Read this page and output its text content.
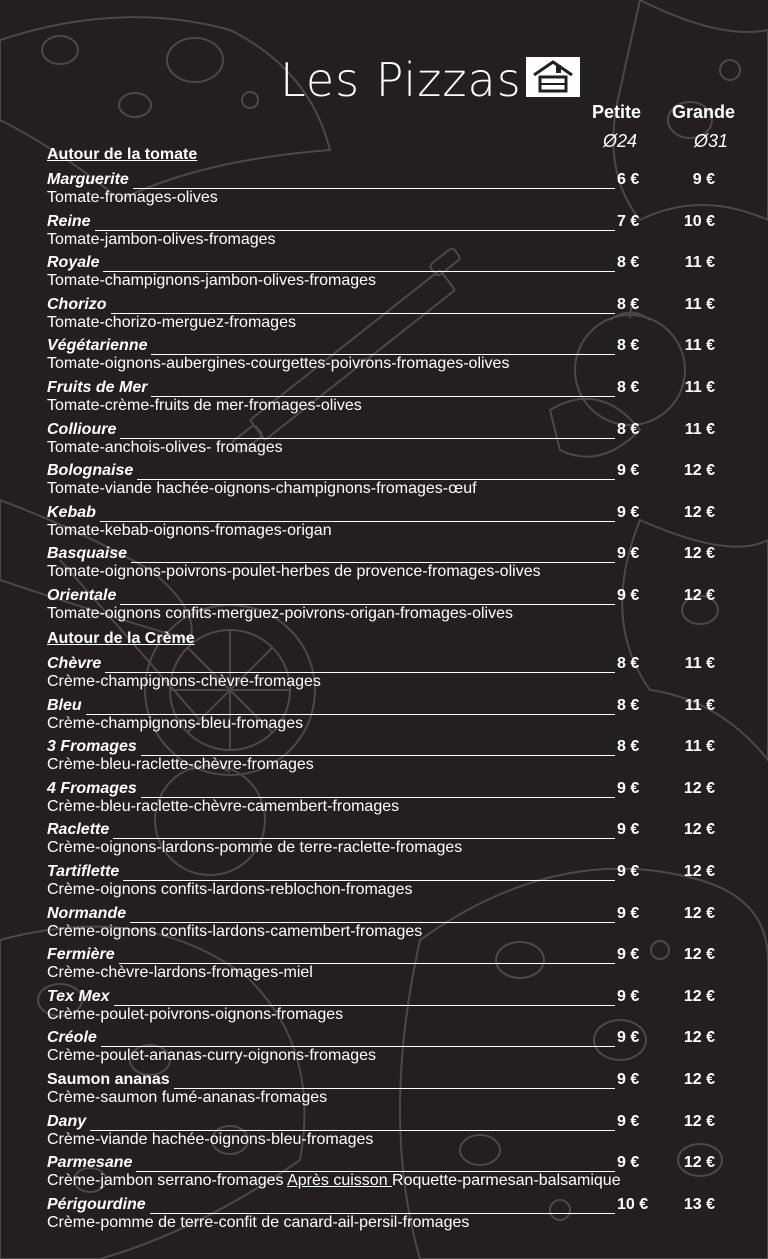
Les Pizzas
Petite Grande
Ø24	Ø31
Autour de la tomate
Marguerite	6 €	9 €
Tomate-fromages-olives
Reine	7 €	10 €
Tomate-jambon-olives-fromages
Royale	8 €	11 €
Tomate-champignons-jambon-olives-fromages
Chorizo	8 €	11 €
Tomate-chorizo-merguez-fromages
Végétarienne	8 €	11 €
Tomate-oignons-aubergines-courgettes-poivrons-fromages-olives
Fruits de Mer	8 €	11 €
Tomate-crème-fruits de mer-fromages-olives
Collioure	8 €	11 €
Tomate-anchois-olives- fromages
Bolognaise	9 €	12 €
Tomate-viande hachée-oignons-champignons-fromages-œuf
Kebab	9 €	12 €
Tomate-kebab-oignons-fromages-origan
Basquaise	9 €	12 €
Tomate-oignons-poivrons-poulet-herbes de provence-fromages-olives
Orientale	9 €	12 €
Tomate-oignons confits-merguez-poivrons-origan-fromages-olives
Autour de la Crème
Chèvre	8 €	11 €
Crème-champignons-chèvre-fromages
Bleu	8 €	11 €
Crème-champignons-bleu-fromages
3 Fromages	8 €	11 €
Crème-bleu-raclette-chèvre-fromages
4 Fromages	9 €	12 €
Crème-bleu-raclette-chèvre-camembert-fromages
Raclette	9 €	12 €
Crème-oignons-lardons-pomme de terre-raclette-fromages
Tartiflette	9 €	12 €
Crème-oignons confits-lardons-reblochon-fromages
Normande	9 €	12 €
Crème-oignons confits-lardons-camembert-fromages
Fermière	9 €	12 €
Crème-chèvre-lardons-fromages-miel
Tex Mex	9 €	12 €
Crème-poulet-poivrons-oignons-fromages
Créole	9 €	12 €
Crème-poulet-ananas-curry-oignons-fromages
Saumon ananas	9 €	12 €
Crème-saumon fumé-ananas-fromages
Dany	9 €	12 €
Crème-viande hachée-oignons-bleu-fromages
Parmesane	9 €	12 €
Crème-jambon serrano-fromages Après cuisson Roquette-parmesan-balsamique
Périgourdine	10 € 13 €
Crème-pomme de terre-confit de canard-ail-persil-fromages
